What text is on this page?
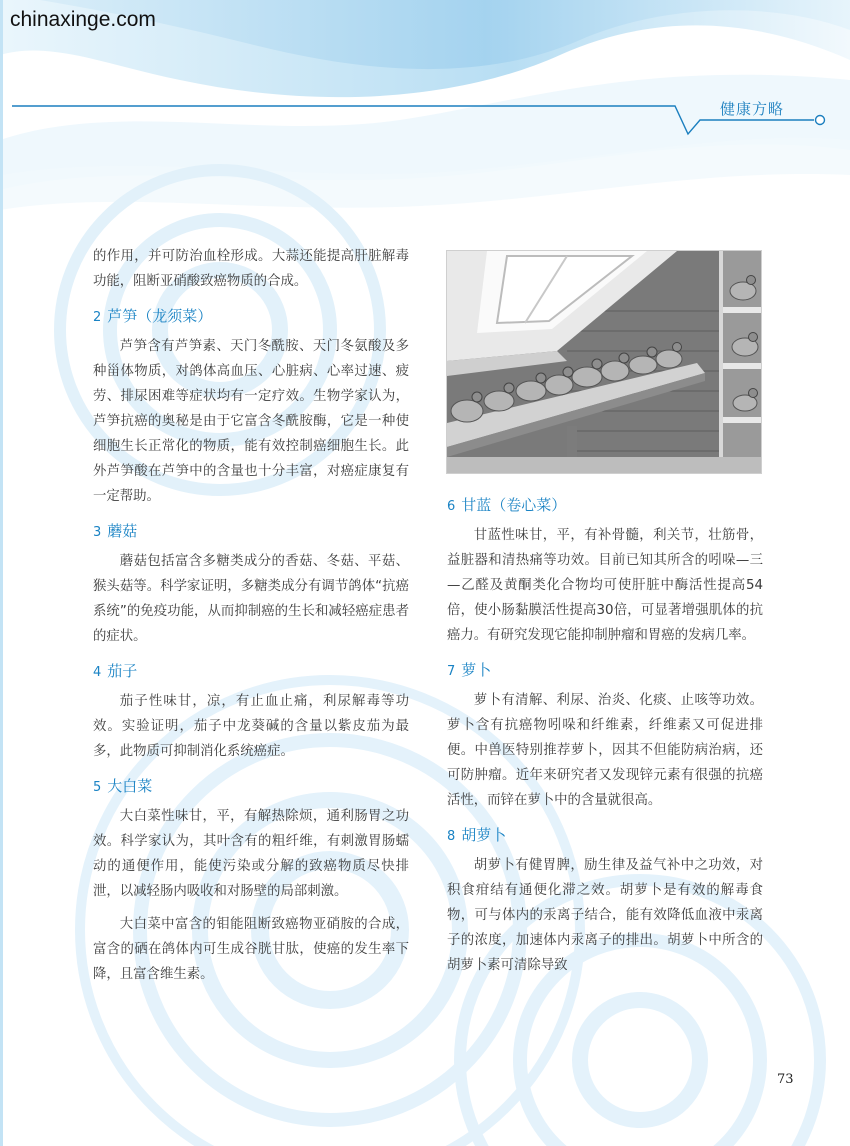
chinaxinge.com
健康方略

的作用，并可防治血栓形成。大蒜还能提高肝脏解毒功能，阻断亚硝酸致癌物质的合成。

2 芦笋（龙须菜）

芦笋含有芦笋素、天门冬酰胺、天门冬氨酸及多种甾体物质，对鸽体高血压、心脏病、心率过速、疲劳、排尿困难等症状均有一定疗效。生物学家认为，芦笋抗癌的奥秘是由于它富含冬酰胺酶，它是一种使细胞生长正常化的物质，能有效控制癌细胞生长。此外芦笋酸在芦笋中的含量也十分丰富，对癌症康复有一定帮助。

3 蘑菇

蘑菇包括富含多糖类成分的香菇、冬菇、平菇、猴头菇等。科学家证明，多糖类成分有调节鸽体“抗癌系统”的免疫功能，从而抑制癌的生长和减轻癌症患者的症状。

4 茄子

茄子性味甘，凉，有止血止痛，利尿解毒等功效。实验证明，茄子中龙葵碱的含量以紫皮茄为最多，此物质可抑制消化系统癌症。

5 大白菜

大白菜性味甘，平，有解热除烦，通利肠胃之功效。科学家认为，其叶含有的粗纤维，有刺激胃肠蠕动的通便作用，能使污染或分解的致癌物质尽快排泄，以减轻肠内吸收和对肠壁的局部刺激。

大白菜中富含的钼能阻断致癌物亚硝胺的合成，富含的硒在鸽体内可生成谷胱甘肽，使癌的发生率下降，且富含维生素。

6 甘蓝（卷心菜）

甘蓝性味甘，平，有补骨髓，利关节，壮筋骨，益脏器和清热痛等功效。目前已知其所含的吲哚—三—乙醛及黄酮类化合物均可使肝脏中酶活性提高54倍，使小肠黏膜活性提高30倍，可显著增强肌体的抗癌力。有研究发现它能抑制肿瘤和胃癌的发病几率。

7 萝卜

萝卜有清解、利尿、治炎、化痰、止咳等功效。萝卜含有抗癌物吲哚和纤维素，纤维素又可促进排便。中兽医特别推荐萝卜，因其不但能防病治病，还可防肿瘤。近年来研究者又发现锌元素有很强的抗癌活性，而锌在萝卜中的含量就很高。

8 胡萝卜

胡萝卜有健胃脾，励生律及益气补中之功效，对积食疳结有通便化滞之效。胡萝卜是有效的解毒食物，可与体内的汞离子结合，能有效降低血液中汞离子的浓度，加速体内汞离子的排出。胡萝卜中所含的胡萝卜素可清除导致

73
